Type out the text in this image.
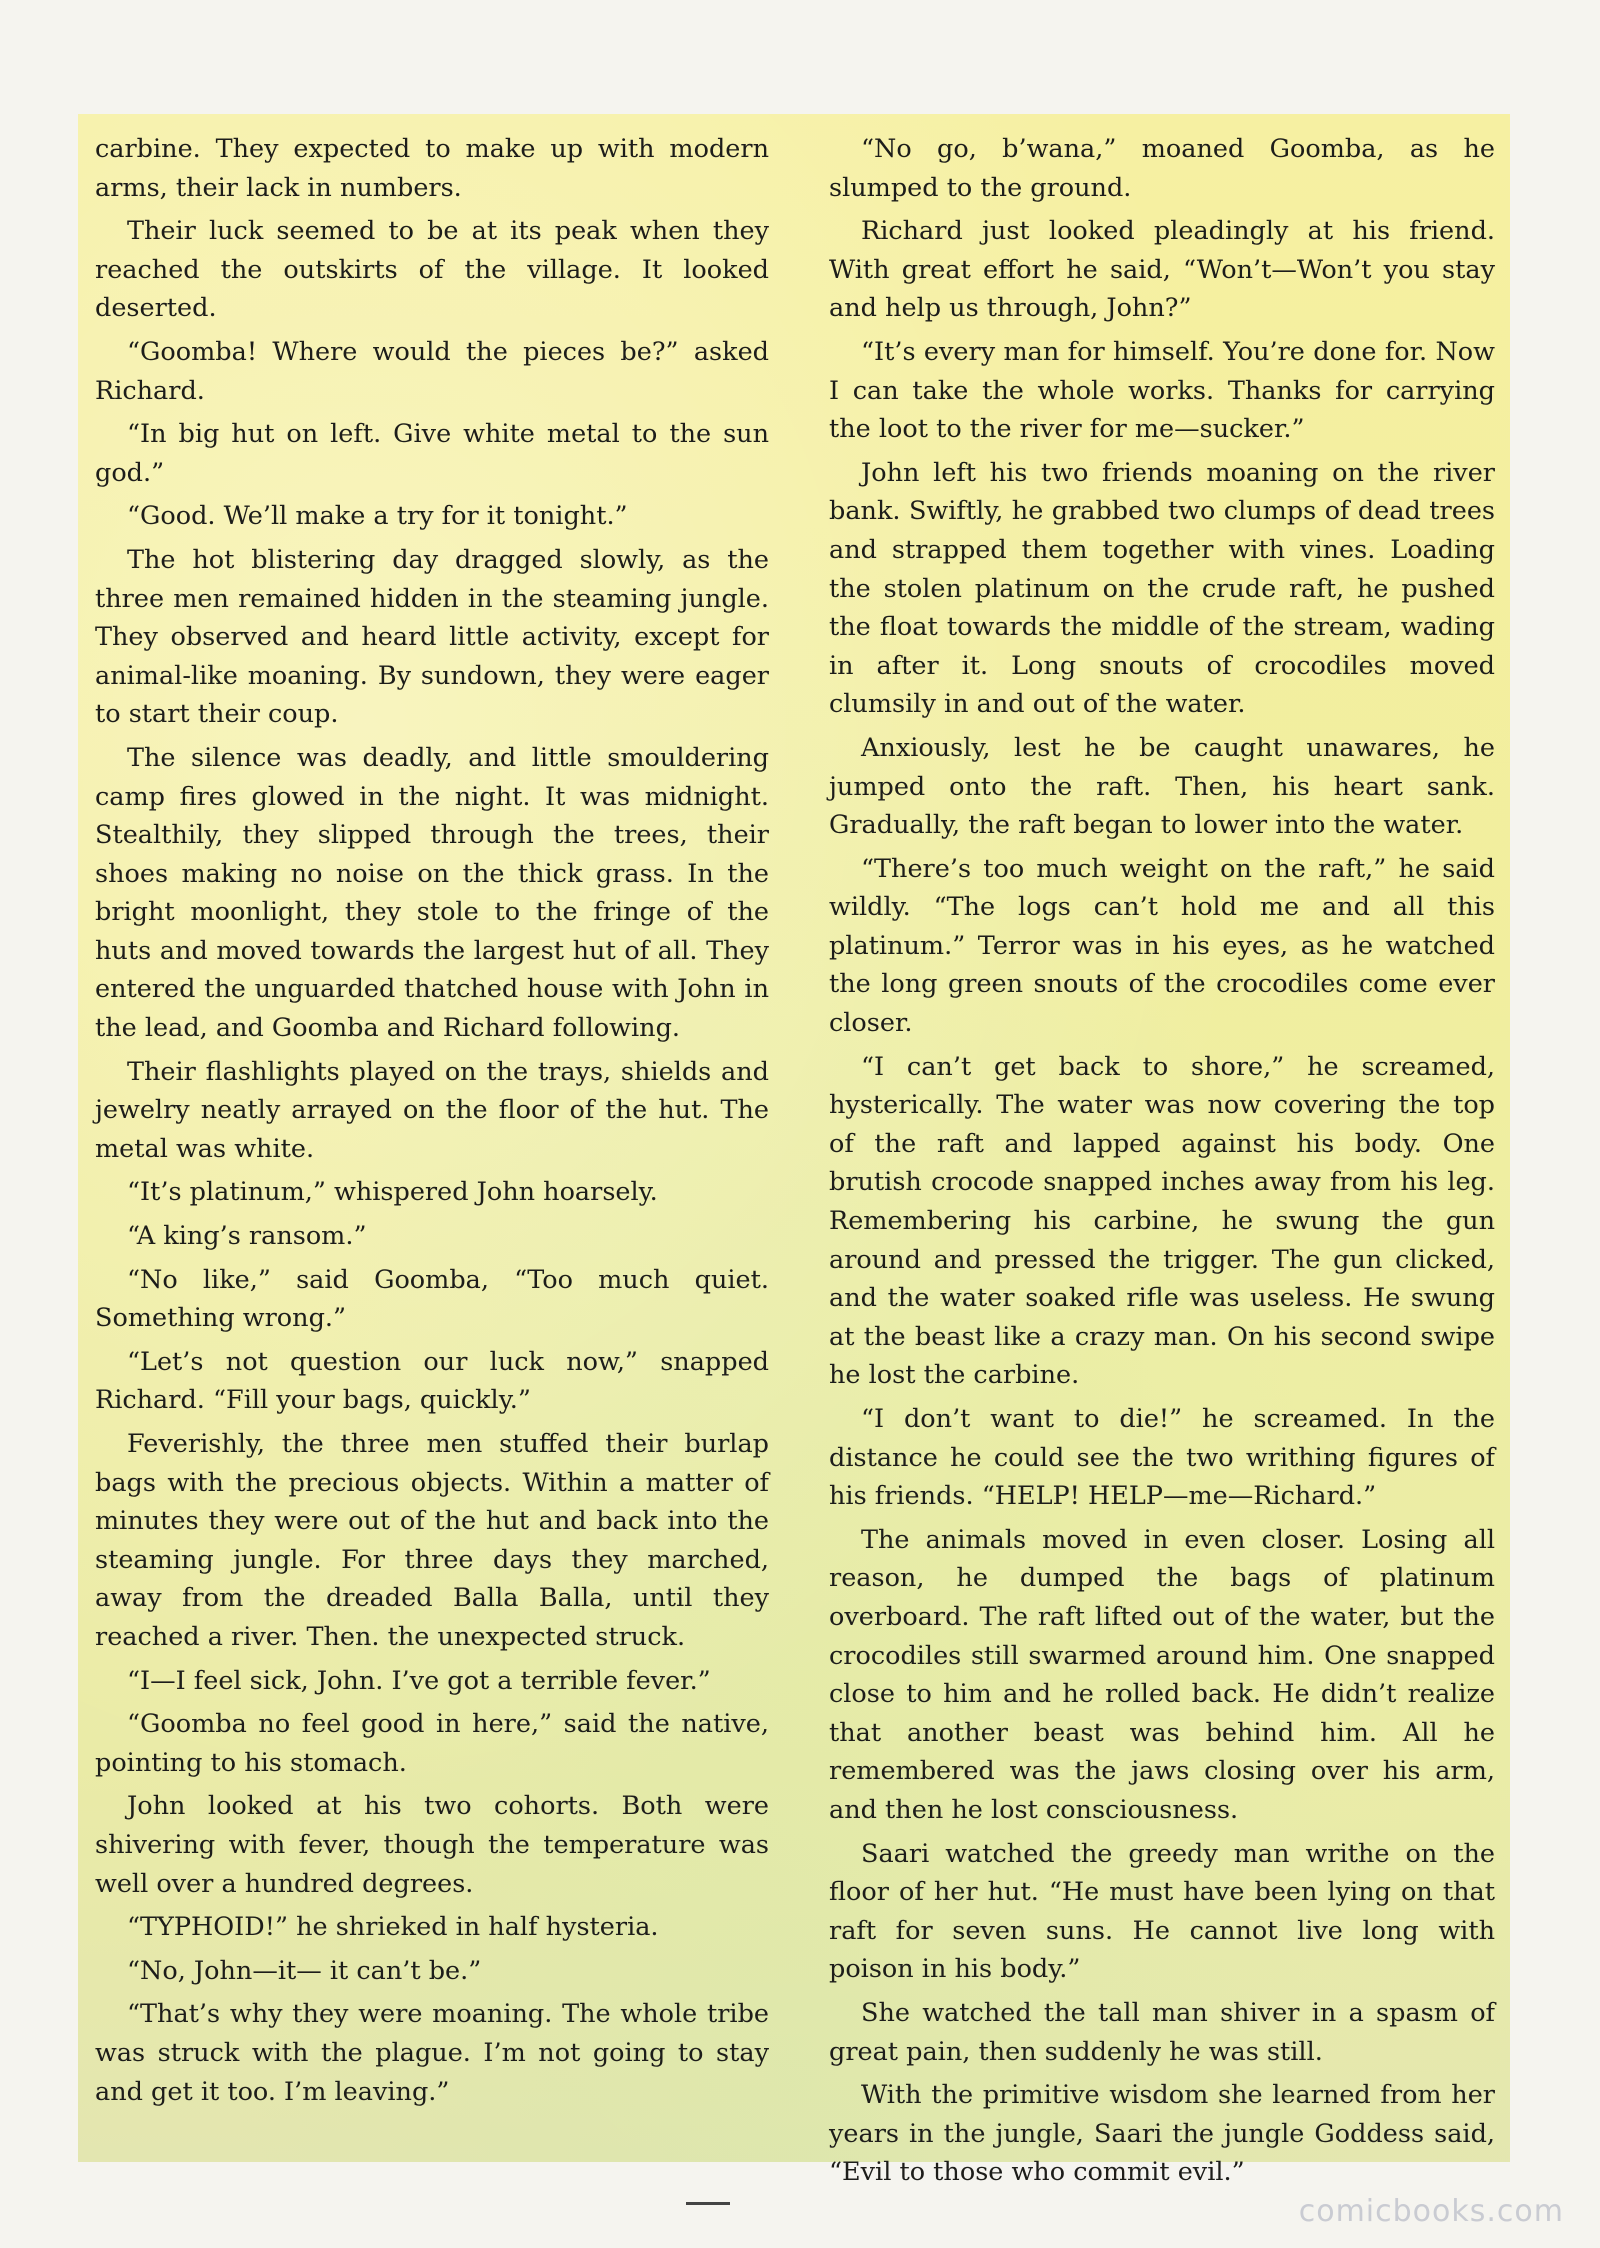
carbine. They expected to make up with modern arms, their lack in numbers.

Their luck seemed to be at its peak when they reached the outskirts of the village. It looked deserted.

“Goomba! Where would the pieces be?” asked Richard.

“In big hut on left. Give white metal to the sun god.”

“Good. We’ll make a try for it tonight.”

The hot blistering day dragged slowly, as the three men remained hidden in the steaming jungle. They observed and heard little activity, except for animal-like moaning. By sundown, they were eager to start their coup.

The silence was deadly, and little smouldering camp fires glowed in the night. It was midnight. Stealthily, they slipped through the trees, their shoes making no noise on the thick grass. In the bright moonlight, they stole to the fringe of the huts and moved towards the largest hut of all. They entered the unguarded thatched house with John in the lead, and Goomba and Richard following.

Their flashlights played on the trays, shields and jewelry neatly arrayed on the floor of the hut. The metal was white.

“It’s platinum,” whispered John hoarsely.

“A king’s ransom.”

“No like,” said Goomba, “Too much quiet. Something wrong.”

“Let’s not question our luck now,” snapped Richard. “Fill your bags, quickly.”

Feverishly, the three men stuffed their burlap bags with the precious objects. Within a matter of minutes they were out of the hut and back into the steaming jungle. For three days they marched, away from the dreaded Balla Balla, until they reached a river. Then. the unexpected struck.

“I—I feel sick, John. I’ve got a terrible fever.”

“Goomba no feel good in here,” said the native, pointing to his stomach.

John looked at his two cohorts. Both were shivering with fever, though the temperature was well over a hundred degrees.

“TYPHOID!” he shrieked in half hysteria.

“No, John—it— it can’t be.”

“That’s why they were moaning. The whole tribe was struck with the plague. I’m not going to stay and get it too. I’m leaving.”

“No go, b’wana,” moaned Goomba, as he slumped to the ground.

Richard just looked pleadingly at his friend. With great effort he said, “Won’t—Won’t you stay and help us through, John?”

“It’s every man for himself. You’re done for. Now I can take the whole works. Thanks for carrying the loot to the river for me—sucker.”

John left his two friends moaning on the river bank. Swiftly, he grabbed two clumps of dead trees and strapped them together with vines. Loading the stolen platinum on the crude raft, he pushed the float towards the middle of the stream, wading in after it. Long snouts of crocodiles moved clumsily in and out of the water.

Anxiously, lest he be caught unawares, he jumped onto the raft. Then, his heart sank. Gradually, the raft began to lower into the water.

“There’s too much weight on the raft,” he said wildly. “The logs can’t hold me and all this platinum.” Terror was in his eyes, as he watched the long green snouts of the crocodiles come ever closer.

“I can’t get back to shore,” he screamed, hysterically. The water was now covering the top of the raft and lapped against his body. One brutish crocode snapped inches away from his leg. Remembering his carbine, he swung the gun around and pressed the trigger. The gun clicked, and the water soaked rifle was useless. He swung at the beast like a crazy man. On his second swipe he lost the carbine.

“I don’t want to die!” he screamed. In the distance he could see the two writhing figures of his friends. “HELP! HELP—me—Richard.”

The animals moved in even closer. Losing all reason, he dumped the bags of platinum overboard. The raft lifted out of the water, but the crocodiles still swarmed around him. One snapped close to him and he rolled back. He didn’t realize that another beast was behind him. All he remembered was the jaws closing over his arm, and then he lost consciousness.

Saari watched the greedy man writhe on the floor of her hut. “He must have been lying on that raft for seven suns. He cannot live long with poison in his body.”

She watched the tall man shiver in a spasm of great pain, then suddenly he was still.

With the primitive wisdom she learned from her years in the jungle, Saari the jungle Goddess said, “Evil to those who commit evil.”

comicbooks.com
